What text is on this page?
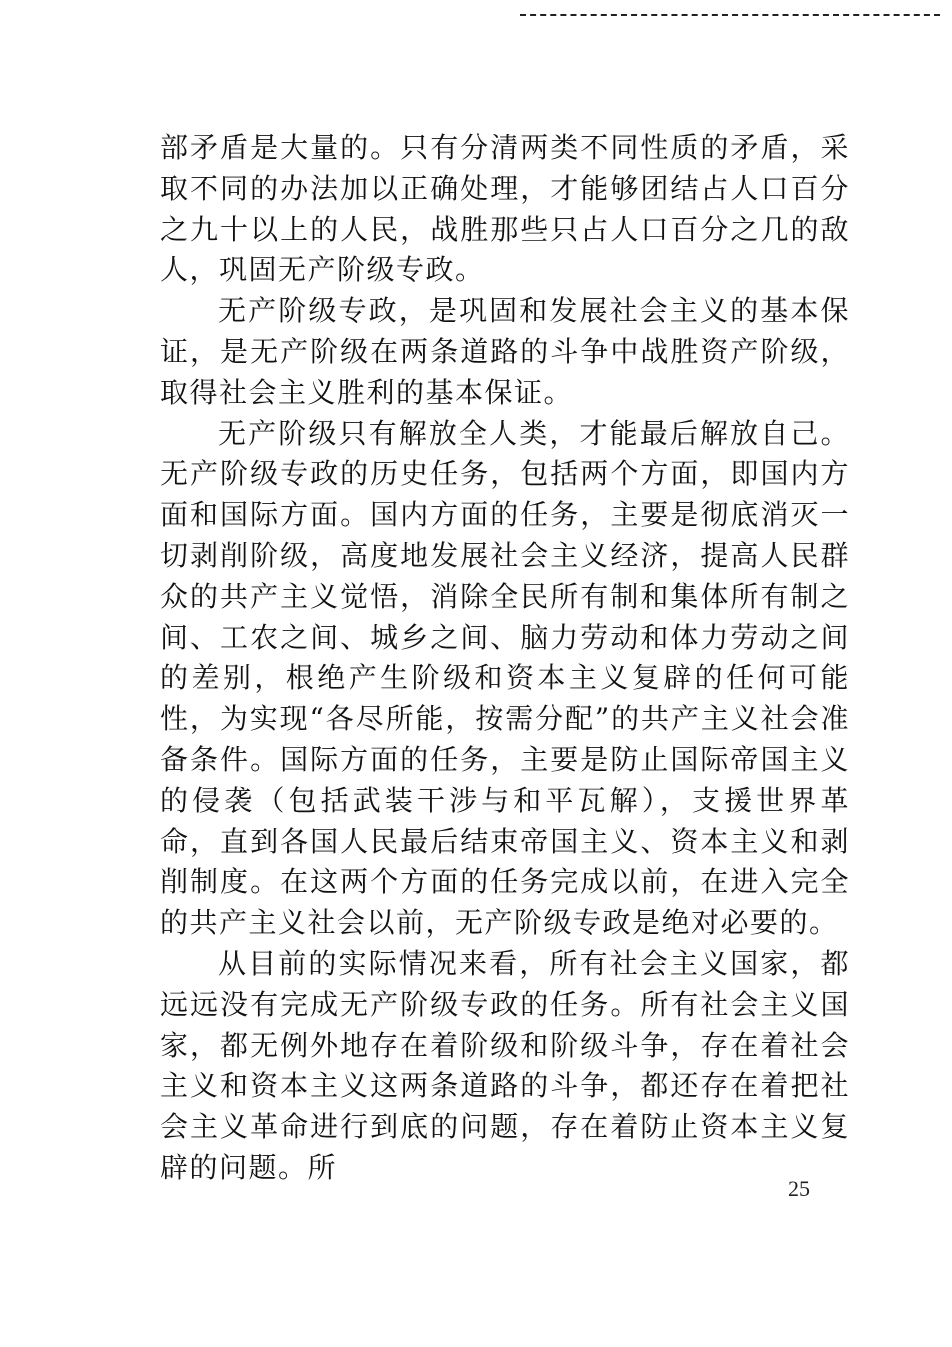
部矛盾是大量的。只有分清两类不同性质的矛盾，采取不同的办法加以正确处理，才能够团结占人口百分之九十以上的人民，战胜那些只占人口百分之几的敌人，巩固无产阶级专政。

无产阶级专政，是巩固和发展社会主义的基本保证，是无产阶级在两条道路的斗争中战胜资产阶级，取得社会主义胜利的基本保证。

无产阶级只有解放全人类，才能最后解放自己。无产阶级专政的历史任务，包括两个方面，即国内方面和国际方面。国内方面的任务，主要是彻底消灭一切剥削阶级，高度地发展社会主义经济，提高人民群众的共产主义觉悟，消除全民所有制和集体所有制之间、工农之间、城乡之间、脑力劳动和体力劳动之间的差别，根绝产生阶级和资本主义复辟的任何可能性，为实现“各尽所能，按需分配”的共产主义社会准备条件。国际方面的任务，主要是防止国际帝国主义的侵袭（包括武装干涉与和平瓦解），支援世界革命，直到各国人民最后结束帝国主义、资本主义和剥削制度。在这两个方面的任务完成以前，在进入完全的共产主义社会以前，无产阶级专政是绝对必要的。

从目前的实际情况来看，所有社会主义国家，都远远没有完成无产阶级专政的任务。所有社会主义国家，都无例外地存在着阶级和阶级斗争，存在着社会主义和资本主义这两条道路的斗争，都还存在着把社会主义革命进行到底的问题，存在着防止资本主义复辟的问题。所

25
